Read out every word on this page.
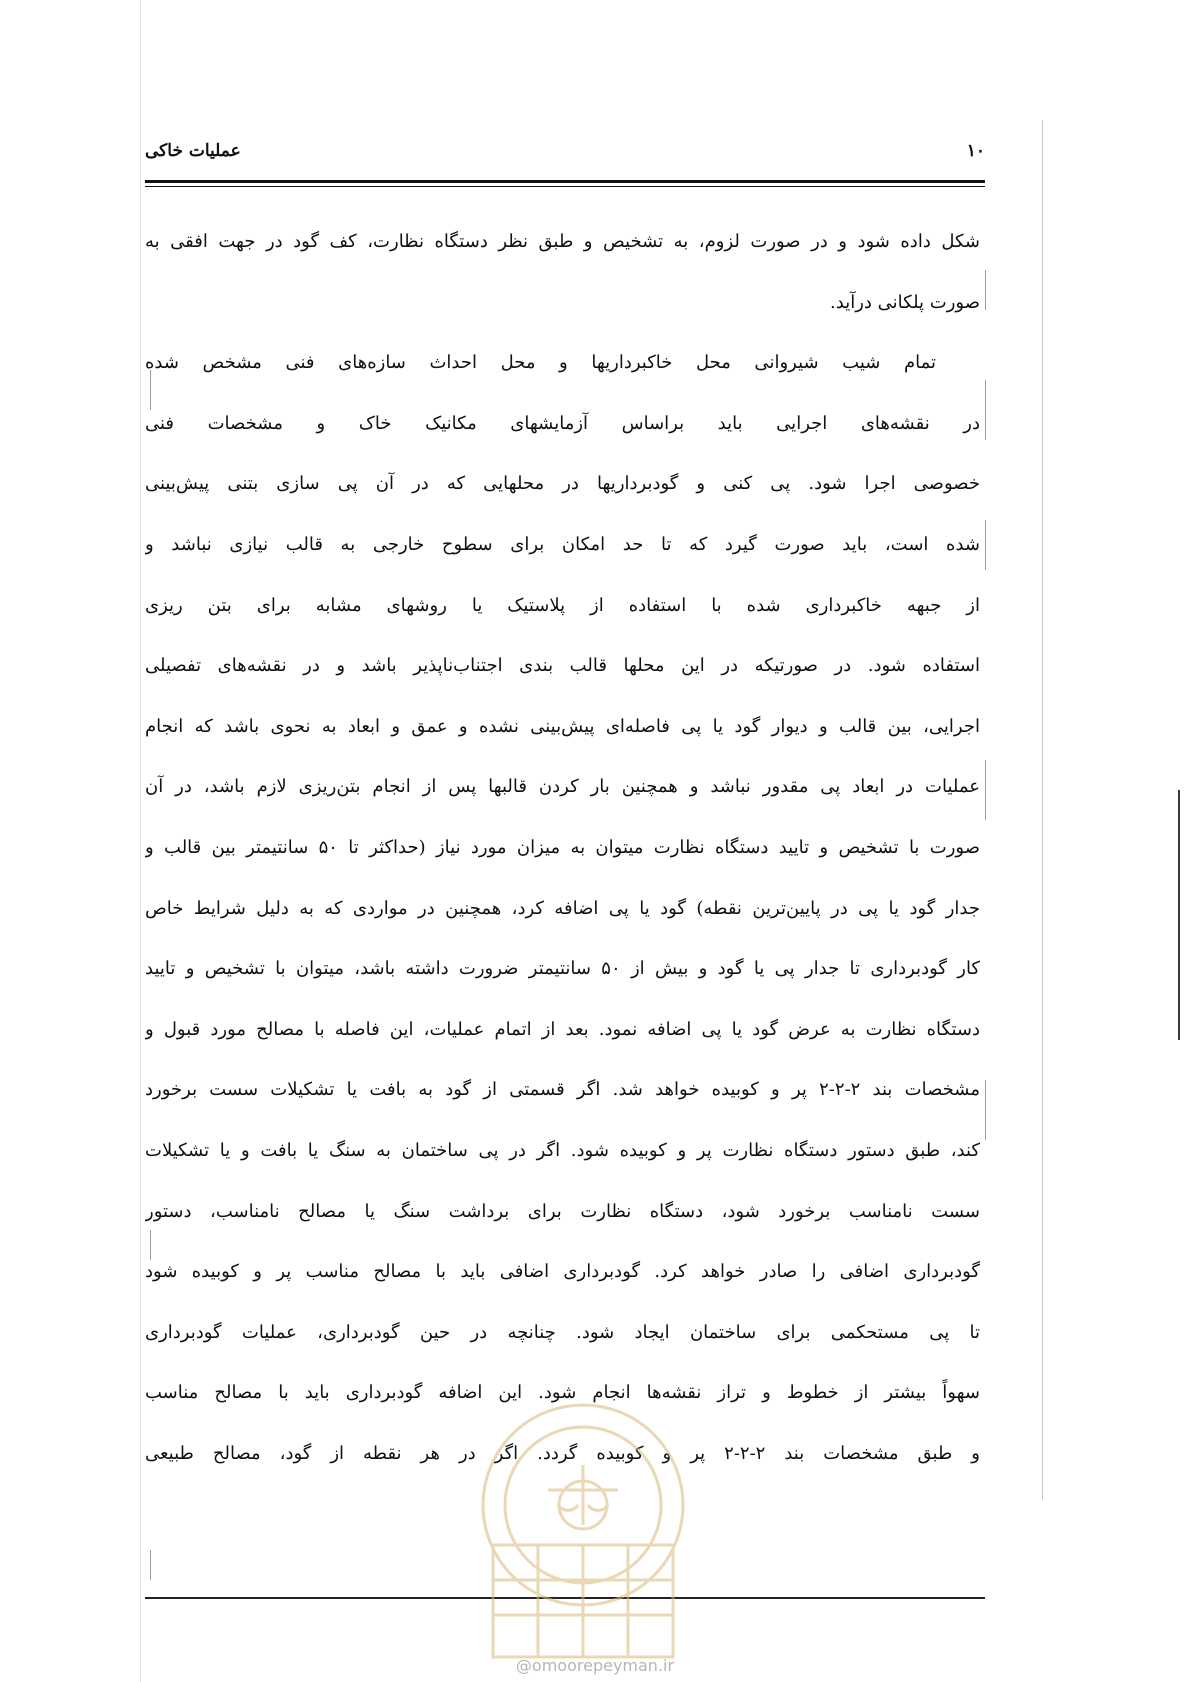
۱۰
عملیات خاکی
شکل داده شود و در صورت لزوم، به تشخیص و طبق نظر دستگاه نظارت، کف گود در جهت افقی به
صورت پلکانی درآید.
تمام شیب شیروانی محل خاکبرداریها و محل احداث سازه‌های فنی مشخص شده
در نقشه‌های اجرایی باید براساس آزمایشهای مکانیک خاک و مشخصات فنی
خصوصی اجرا شود. پی کنی و گودبرداریها در محلهایی که در آن پی سازی بتنی پیش‌بینی
شده است، باید صورت گیرد که تا حد امکان برای سطوح خارجی به قالب نیازی نباشد و
از جبهه خاکبرداری شده با استفاده از پلاستیک یا روشهای مشابه برای بتن ریزی
استفاده شود. در صورتیکه در این محلها قالب بندی اجتناب‌ناپذیر باشد و در نقشه‌های تفصیلی
اجرایی، بین قالب و دیوار گود یا پی فاصله‌ای پیش‌بینی نشده و عمق و ابعاد به نحوی باشد که انجام
عملیات در ابعاد پی مقدور نباشد و همچنین بار کردن قالبها پس از انجام بتن‌ریزی لازم باشد، در آن
صورت با تشخیص و تایید دستگاه نظارت میتوان به میزان مورد نیاز (حداکثر تا ۵۰ سانتیمتر بین قالب و
جدار گود یا پی در پایین‌ترین نقطه) گود یا پی اضافه کرد، همچنین در مواردی که به دلیل شرایط خاص
کار گودبرداری تا جدار پی یا گود و بیش از ۵۰ سانتیمتر ضرورت داشته باشد، میتوان با تشخیص و تایید
دستگاه نظارت به عرض گود یا پی اضافه نمود. بعد از اتمام عملیات، این فاصله با مصالح مورد قبول و
مشخصات بند ۲-۲-۲ پر و کوبیده خواهد شد. اگر قسمتی از گود به بافت یا تشکیلات سست برخورد
کند، طبق دستور دستگاه نظارت پر و کوبیده شود. اگر در پی ساختمان به سنگ یا بافت و یا تشکیلات
سست نامناسب برخورد شود، دستگاه نظارت برای برداشت سنگ یا مصالح نامناسب، دستور
گودبرداری اضافی را صادر خواهد کرد. گودبرداری اضافی باید با مصالح مناسب پر و کوبیده شود
تا پی مستحکمی برای ساختمان ایجاد شود. چنانچه در حین گودبرداری، عملیات گودبرداری
سهواً بیشتر از خطوط و تراز نقشه‌ها انجام شود. این اضافه گودبرداری باید با مصالح مناسب
و طبق مشخصات بند ۲-۲-۲ پر و کوبیده گردد. اگر در هر نقطه از گود، مصالح طبیعی
@omoorepeyman.ir
